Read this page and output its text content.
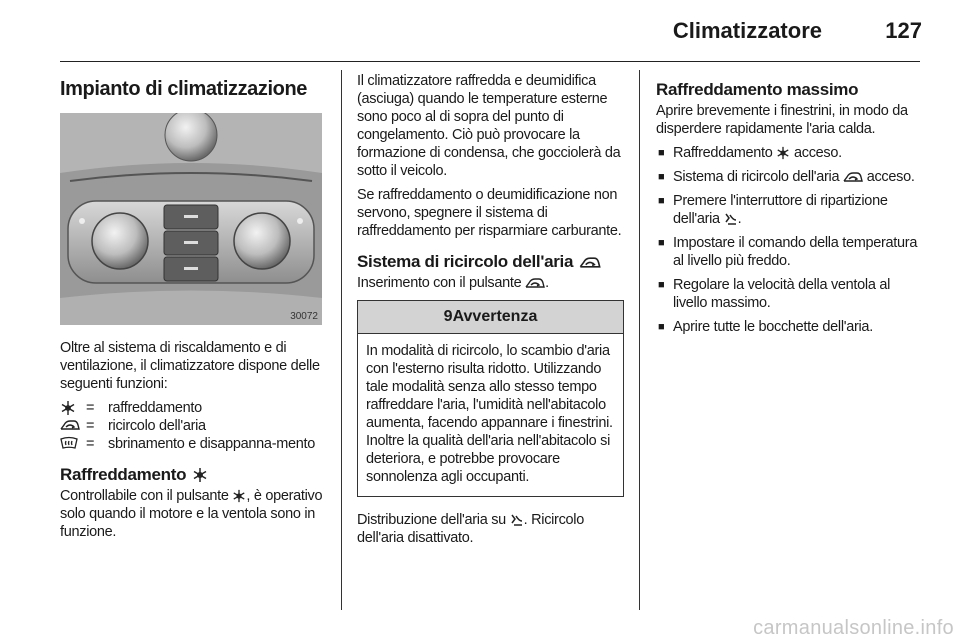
Climatizzatore	127
Impianto di climatizzazione
30072

Oltre al sistema di riscaldamento e di ventilazione, il climatizzatore dispone delle seguenti funzioni:

= raffreddamento
= ricircolo dell'aria
= sbrinamento e disappanna-mento
Raffreddamento

Controllabile con il pulsante , è operativo solo quando il motore e la ventola sono in funzione.

Il climatizzatore raffredda e deumidifica (asciuga) quando le temperature esterne sono poco al di sopra del punto di congelamento. Ciò può provocare la formazione di condensa, che gocciolerà da sotto il veicolo.

Se raffreddamento o deumidificazione non servono, spegnere il sistema di raffreddamento per risparmiare carburante.

Sistema di ricircolo dell'aria

Inserimento con il pulsante .

9Avvertenza

In modalità di ricircolo, lo scambio d'aria con l'esterno risulta ridotto. Utilizzando tale modalità senza allo stesso tempo raffreddare l'aria, l'umidità nell'abitacolo aumenta, facendo appannare i finestrini. Inoltre la qualità dell'aria nell'abitacolo si deteriora, e potrebbe provocare sonnolenza agli occupanti.

Distribuzione dell'aria su . Ricircolo dell'aria disattivato.

Raffreddamento massimo

Aprire brevemente i finestrini, in modo da disperdere rapidamente l'aria calda.

■ Raffreddamento acceso.
■ Sistema di ricircolo dell'aria acceso.
■ Premere l'interruttore di ripartizione dell'aria .
■ Impostare il comando della temperatura al livello più freddo.
■ Regolare la velocità della ventola al livello massimo.
■ Aprire tutte le bocchette dell'aria.
carmanualsonline.info
